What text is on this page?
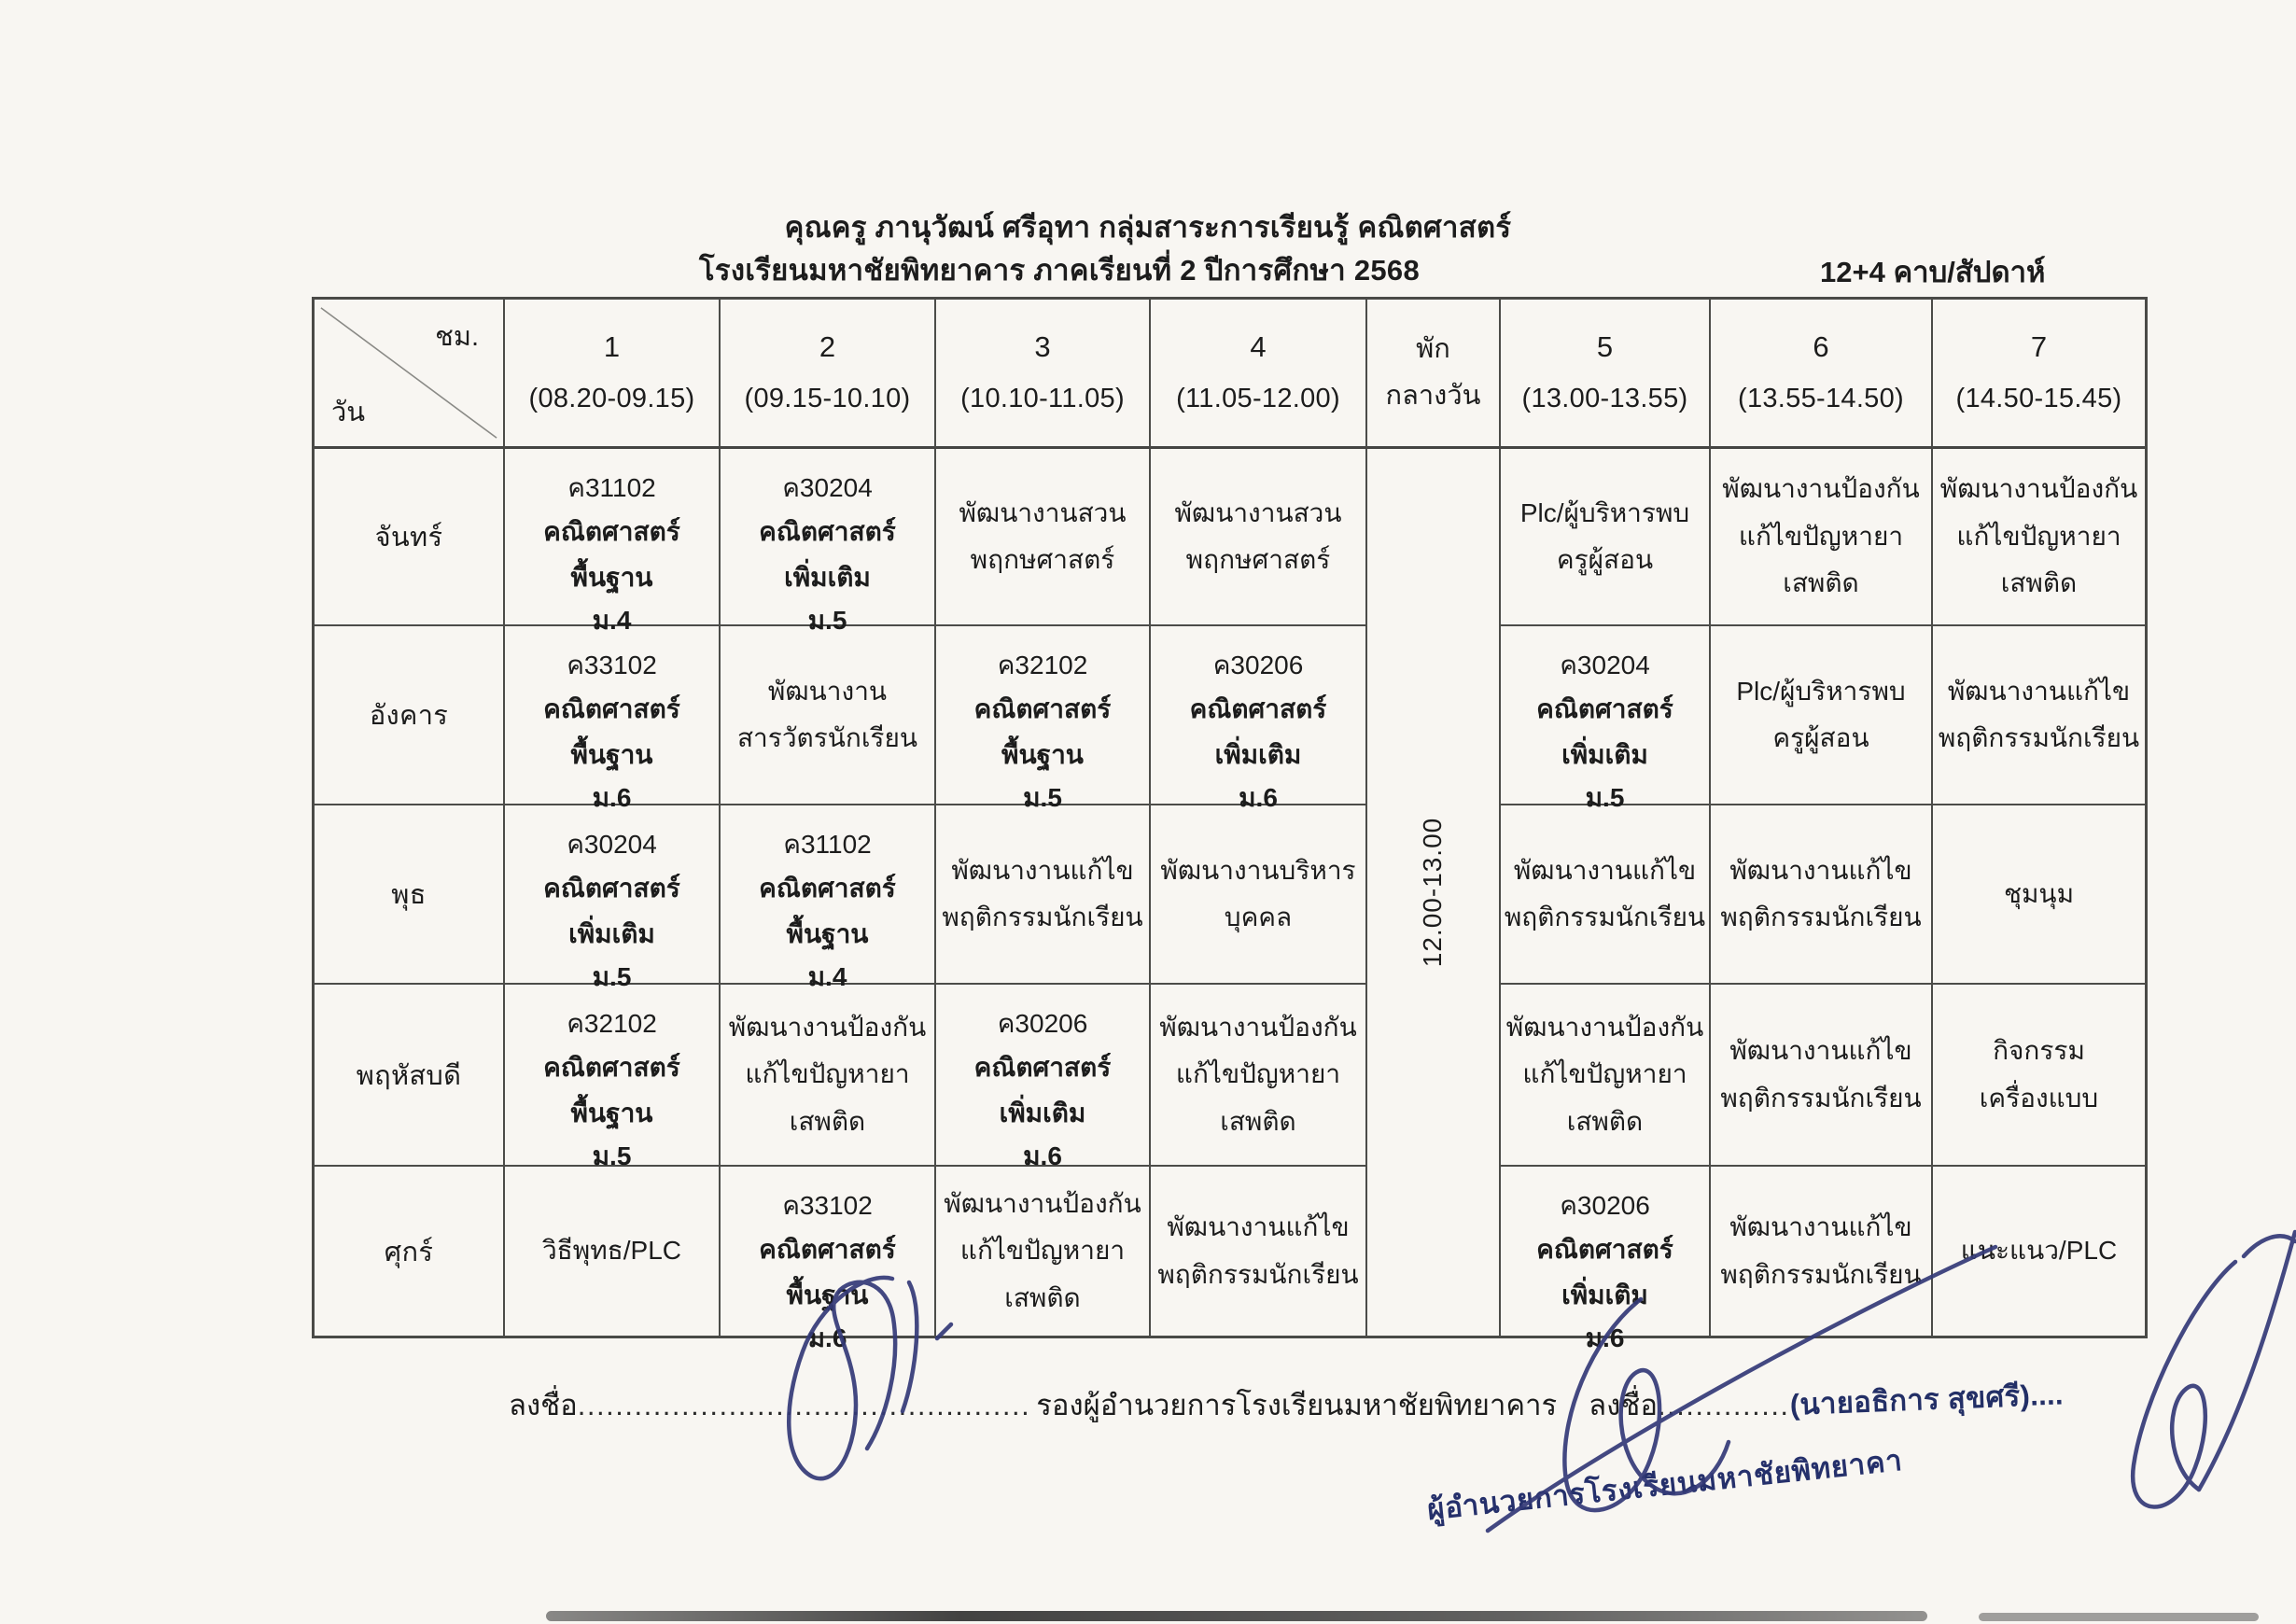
คุณครู ภานุวัฒน์ ศรีอุทา กลุ่มสาระการเรียนรู้ คณิตศาสตร์
โรงเรียนมหาชัยพิทยาคาร ภาคเรียนที่ 2 ปีการศึกษา 2568	12+4 คาบ/สัปดาห์
ชม.
วัน
1
(08.20-09.15)
2
(09.15-10.10)
3
(10.10-11.05)
4
(11.05-12.00)
พัก
กลางวัน
5
(13.00-13.55)
6
(13.55-14.50)
7
(14.50-15.45)
จันทร์
ค31102
คณิตศาสตร์
พื้นฐาน
ม.4
ค30204
คณิตศาสตร์
เพิ่มเติม
ม.5
พัฒนางานสวน
พฤกษศาสตร์
พัฒนางานสวน
พฤกษศาสตร์
12.00-13.00
Plc/ผู้บริหารพบ
ครูผู้สอน
พัฒนางานป้องกัน
แก้ไขปัญหายา
เสพติด
พัฒนางานป้องกัน
แก้ไขปัญหายา
เสพติด
อังคาร
ค33102
คณิตศาสตร์
พื้นฐาน
ม.6
พัฒนางาน
สารวัตรนักเรียน
ค32102
คณิตศาสตร์
พื้นฐาน
ม.5
ค30206
คณิตศาสตร์
เพิ่มเติม
ม.6
ค30204
คณิตศาสตร์
เพิ่มเติม
ม.5
Plc/ผู้บริหารพบ
ครูผู้สอน
พัฒนางานแก้ไข
พฤติกรรมนักเรียน
พุธ
ค30204
คณิตศาสตร์
เพิ่มเติม
ม.5
ค31102
คณิตศาสตร์
พื้นฐาน
ม.4
พัฒนางานแก้ไข
พฤติกรรมนักเรียน
พัฒนางานบริหาร
บุคคล
พัฒนางานแก้ไข
พฤติกรรมนักเรียน
พัฒนางานแก้ไข
พฤติกรรมนักเรียน
ชุมนุม
พฤหัสบดี
ค32102
คณิตศาสตร์
พื้นฐาน
ม.5
พัฒนางานป้องกัน
แก้ไขปัญหายา
เสพติด
ค30206
คณิตศาสตร์
เพิ่มเติม
ม.6
พัฒนางานป้องกัน
แก้ไขปัญหายา
เสพติด
พัฒนางานป้องกัน
แก้ไขปัญหายา
เสพติด
พัฒนางานแก้ไข
พฤติกรรมนักเรียน
กิจกรรม
เครื่องแบบ
ศุกร์	วิธีพุทธ/PLC
ค33102
คณิตศาสตร์
พื้นฐาน
ม.6
พัฒนางานป้องกัน
แก้ไขปัญหายา
เสพติด
พัฒนางานแก้ไข
พฤติกรรมนักเรียน
ค30206
คณิตศาสตร์
เพิ่มเติม
ม.6
พัฒนางานแก้ไข
พฤติกรรมนักเรียน
แนะแนว/PLC
ลงชื่อ ................................................ รองผู้อำนวยการโรงเรียนมหาชัยพิทยาคาร ลงชื่อ .............. (นายอธิการ สุขศรี)....
ผู้อำนวยการโรงเรียนมหาชัยพิทยาคา
